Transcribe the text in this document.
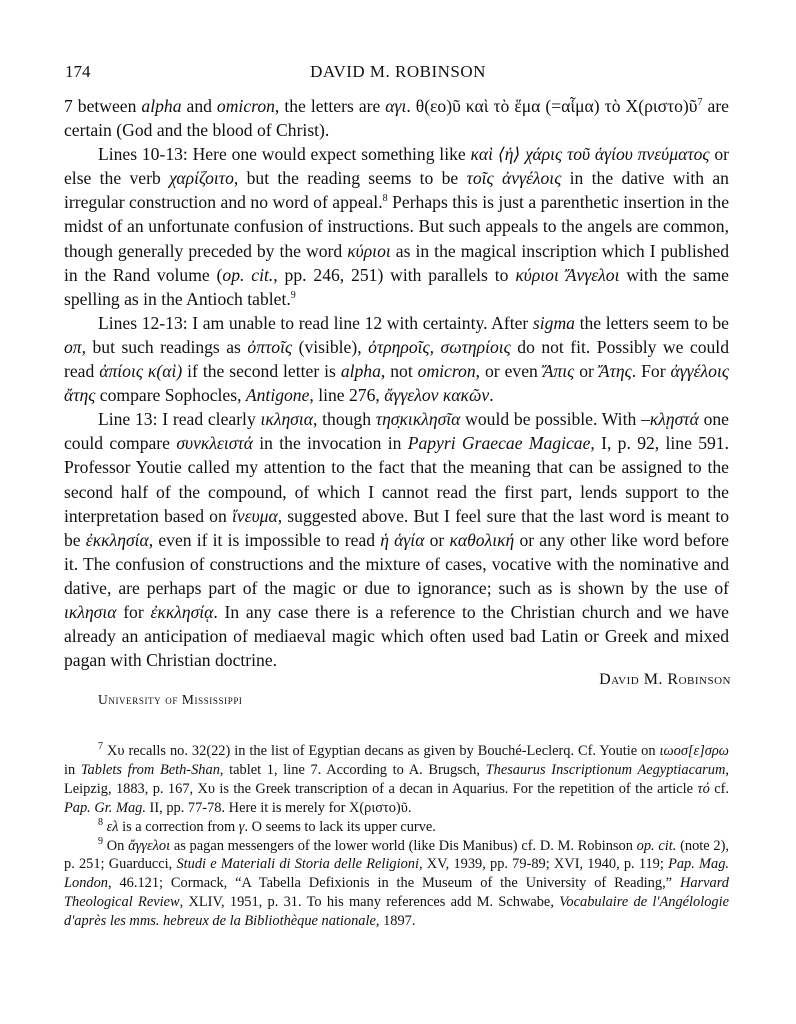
174	DAVID M. ROBINSON

7 between alpha and omicron, the letters are αγι. θ(εο)ῦ καὶ τὸ ἕμα (=αἷμα) τὸ Χ(ριστο)ῦ$^7$ are certain (God and the blood of Christ).

Lines 10-13: Here one would expect something like καὶ ⟨ἡ⟩ χάρις τοῦ ἁγίου πνεύματος or else the verb χαρίζοιτο, but the reading seems to be τοῖς ἀνγέλοις in the dative with an irregular construction and no word of appeal.$^8$ Perhaps this is just a parenthetic insertion in the midst of an unfortunate confusion of instructions. But such appeals to the angels are common, though generally preceded by the word κύριοι as in the magical inscription which I published in the Rand volume (op. cit., pp. 246, 251) with parallels to κύριοι Ἄνγελοι with the same spelling as in the Antioch tablet.$^9$

Lines 12-13: I am unable to read line 12 with certainty. After sigma the letters seem to be οπ, but such readings as ὀπτοῖς (visible), ὀτρηροῖς, σωτηρίοις do not fit. Possibly we could read ἀπίοις κ(αὶ) if the second letter is alpha, not omicron, or even Ἄπις or Ἄτης. For ἀγγέλοις ἄτης compare Sophocles, Antigone, line 276, ἄγγελον κακῶν.

Line 13: I read clearly ικλησια, though τησ̣κικλησῖα would be possible. With –κλῃστά one could compare συνκλειστά in the invocation in Papyri Graecae Magicae, I, p. 92, line 591. Professor Youtie called my attention to the fact that the meaning that can be assigned to the second half of the compound, of which I cannot read the first part, lends support to the interpretation based on ἴνευμα, suggested above. But I feel sure that the last word is meant to be ἐκκλησία, even if it is impossible to read ἡ ἁγία or καθολική or any other like word before it. The confusion of constructions and the mixture of cases, vocative with the nominative and dative, are perhaps part of the magic or due to ignorance; such as is shown by the use of ικλησια for ἐκκλησίᾳ. In any case there is a reference to the Christian church and we have already an anticipation of mediaeval magic which often used bad Latin or Greek and mixed pagan with Christian doctrine.

David M. Robinson
University of Mississippi

$^7$ Χυ recalls no. 32(22) in the list of Egyptian decans as given by Bouché-Leclerq. Cf. Youtie on ιωοσ[ε]σρω in Tablets from Beth-Shan, tablet 1, line 7. According to A. Brugsch, Thesaurus Inscriptionum Aegyptiacarum, Leipzig, 1883, p. 167, Χυ is the Greek transcription of a decan in Aquarius. For the repetition of the article τό cf. Pap. Gr. Mag. II, pp. 77-78. Here it is merely for Χ(ριστο)ῦ.

$^8$ ελ is a correction from γ. O seems to lack its upper curve.

$^9$ On ἄγγελοι as pagan messengers of the lower world (like Dis Manibus) cf. D. M. Robinson op. cit. (note 2), p. 251; Guarducci, Studi e Materiali di Storia delle Religioni, XV, 1939, pp. 79-89; XVI, 1940, p. 119; Pap. Mag. London, 46.121; Cormack, “A Tabella Defixionis in the Museum of the University of Reading,” Harvard Theological Review, XLIV, 1951, p. 31. To his many references add M. Schwabe, Vocabulaire de l'Angélologie d'après les mms. hebreux de la Bibliothèque nationale, 1897.
